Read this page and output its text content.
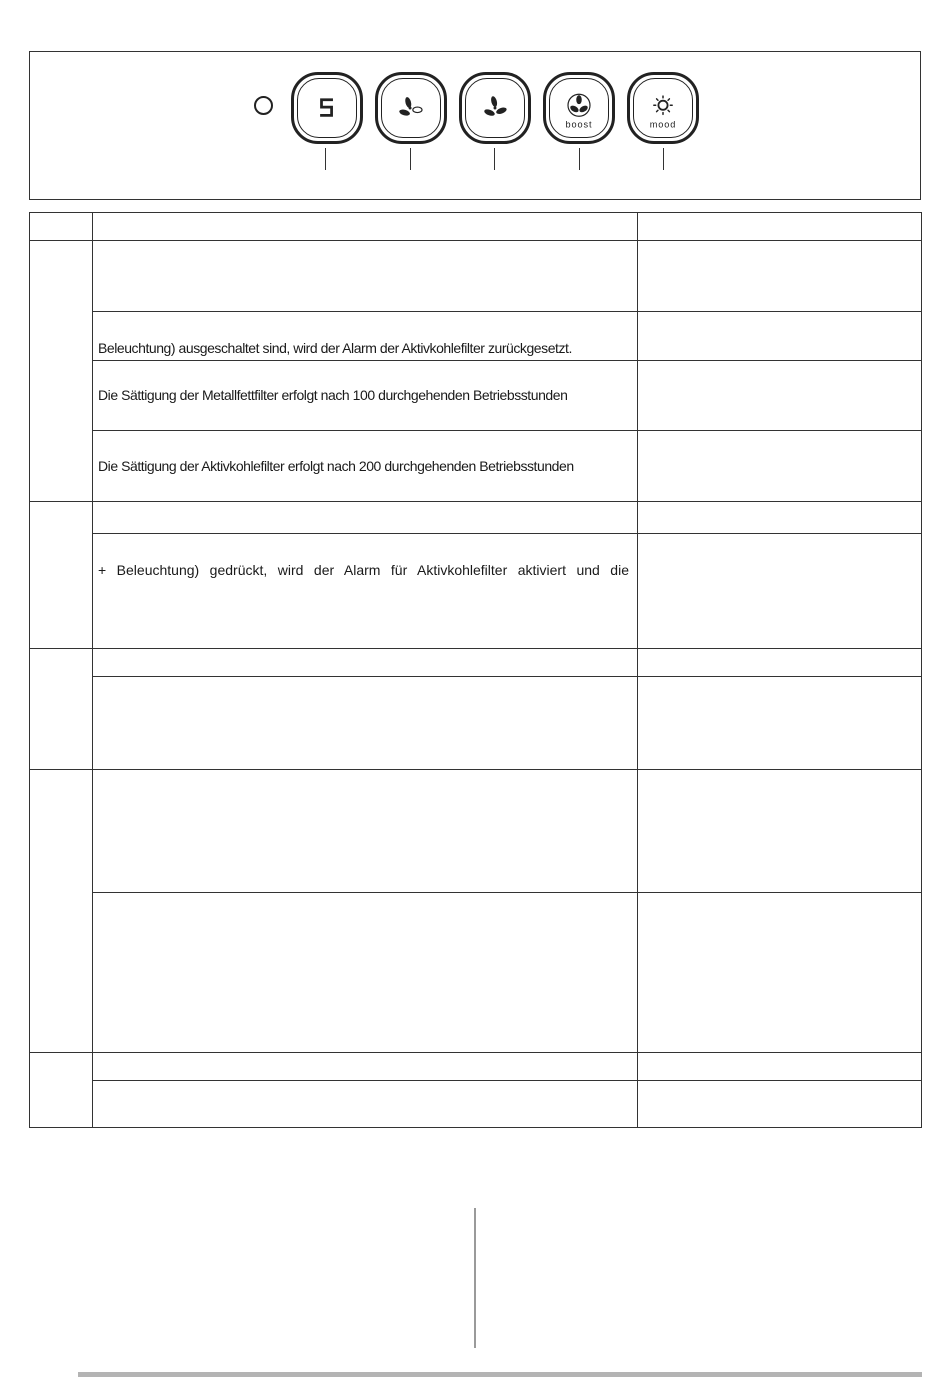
boost	mood
Beleuchtung) ausgeschaltet sind, wird der Alarm der Aktivkohlefilter zurückgesetzt.
Die Sättigung der Metallfettfilter erfolgt nach 100 durchgehenden Betriebsstunden
Die Sättigung der Aktivkohlefilter erfolgt nach 200 durchgehenden Betriebsstunden
+ Beleuchtung) gedrückt, wird der Alarm für Aktivkohlefilter aktiviert und die
